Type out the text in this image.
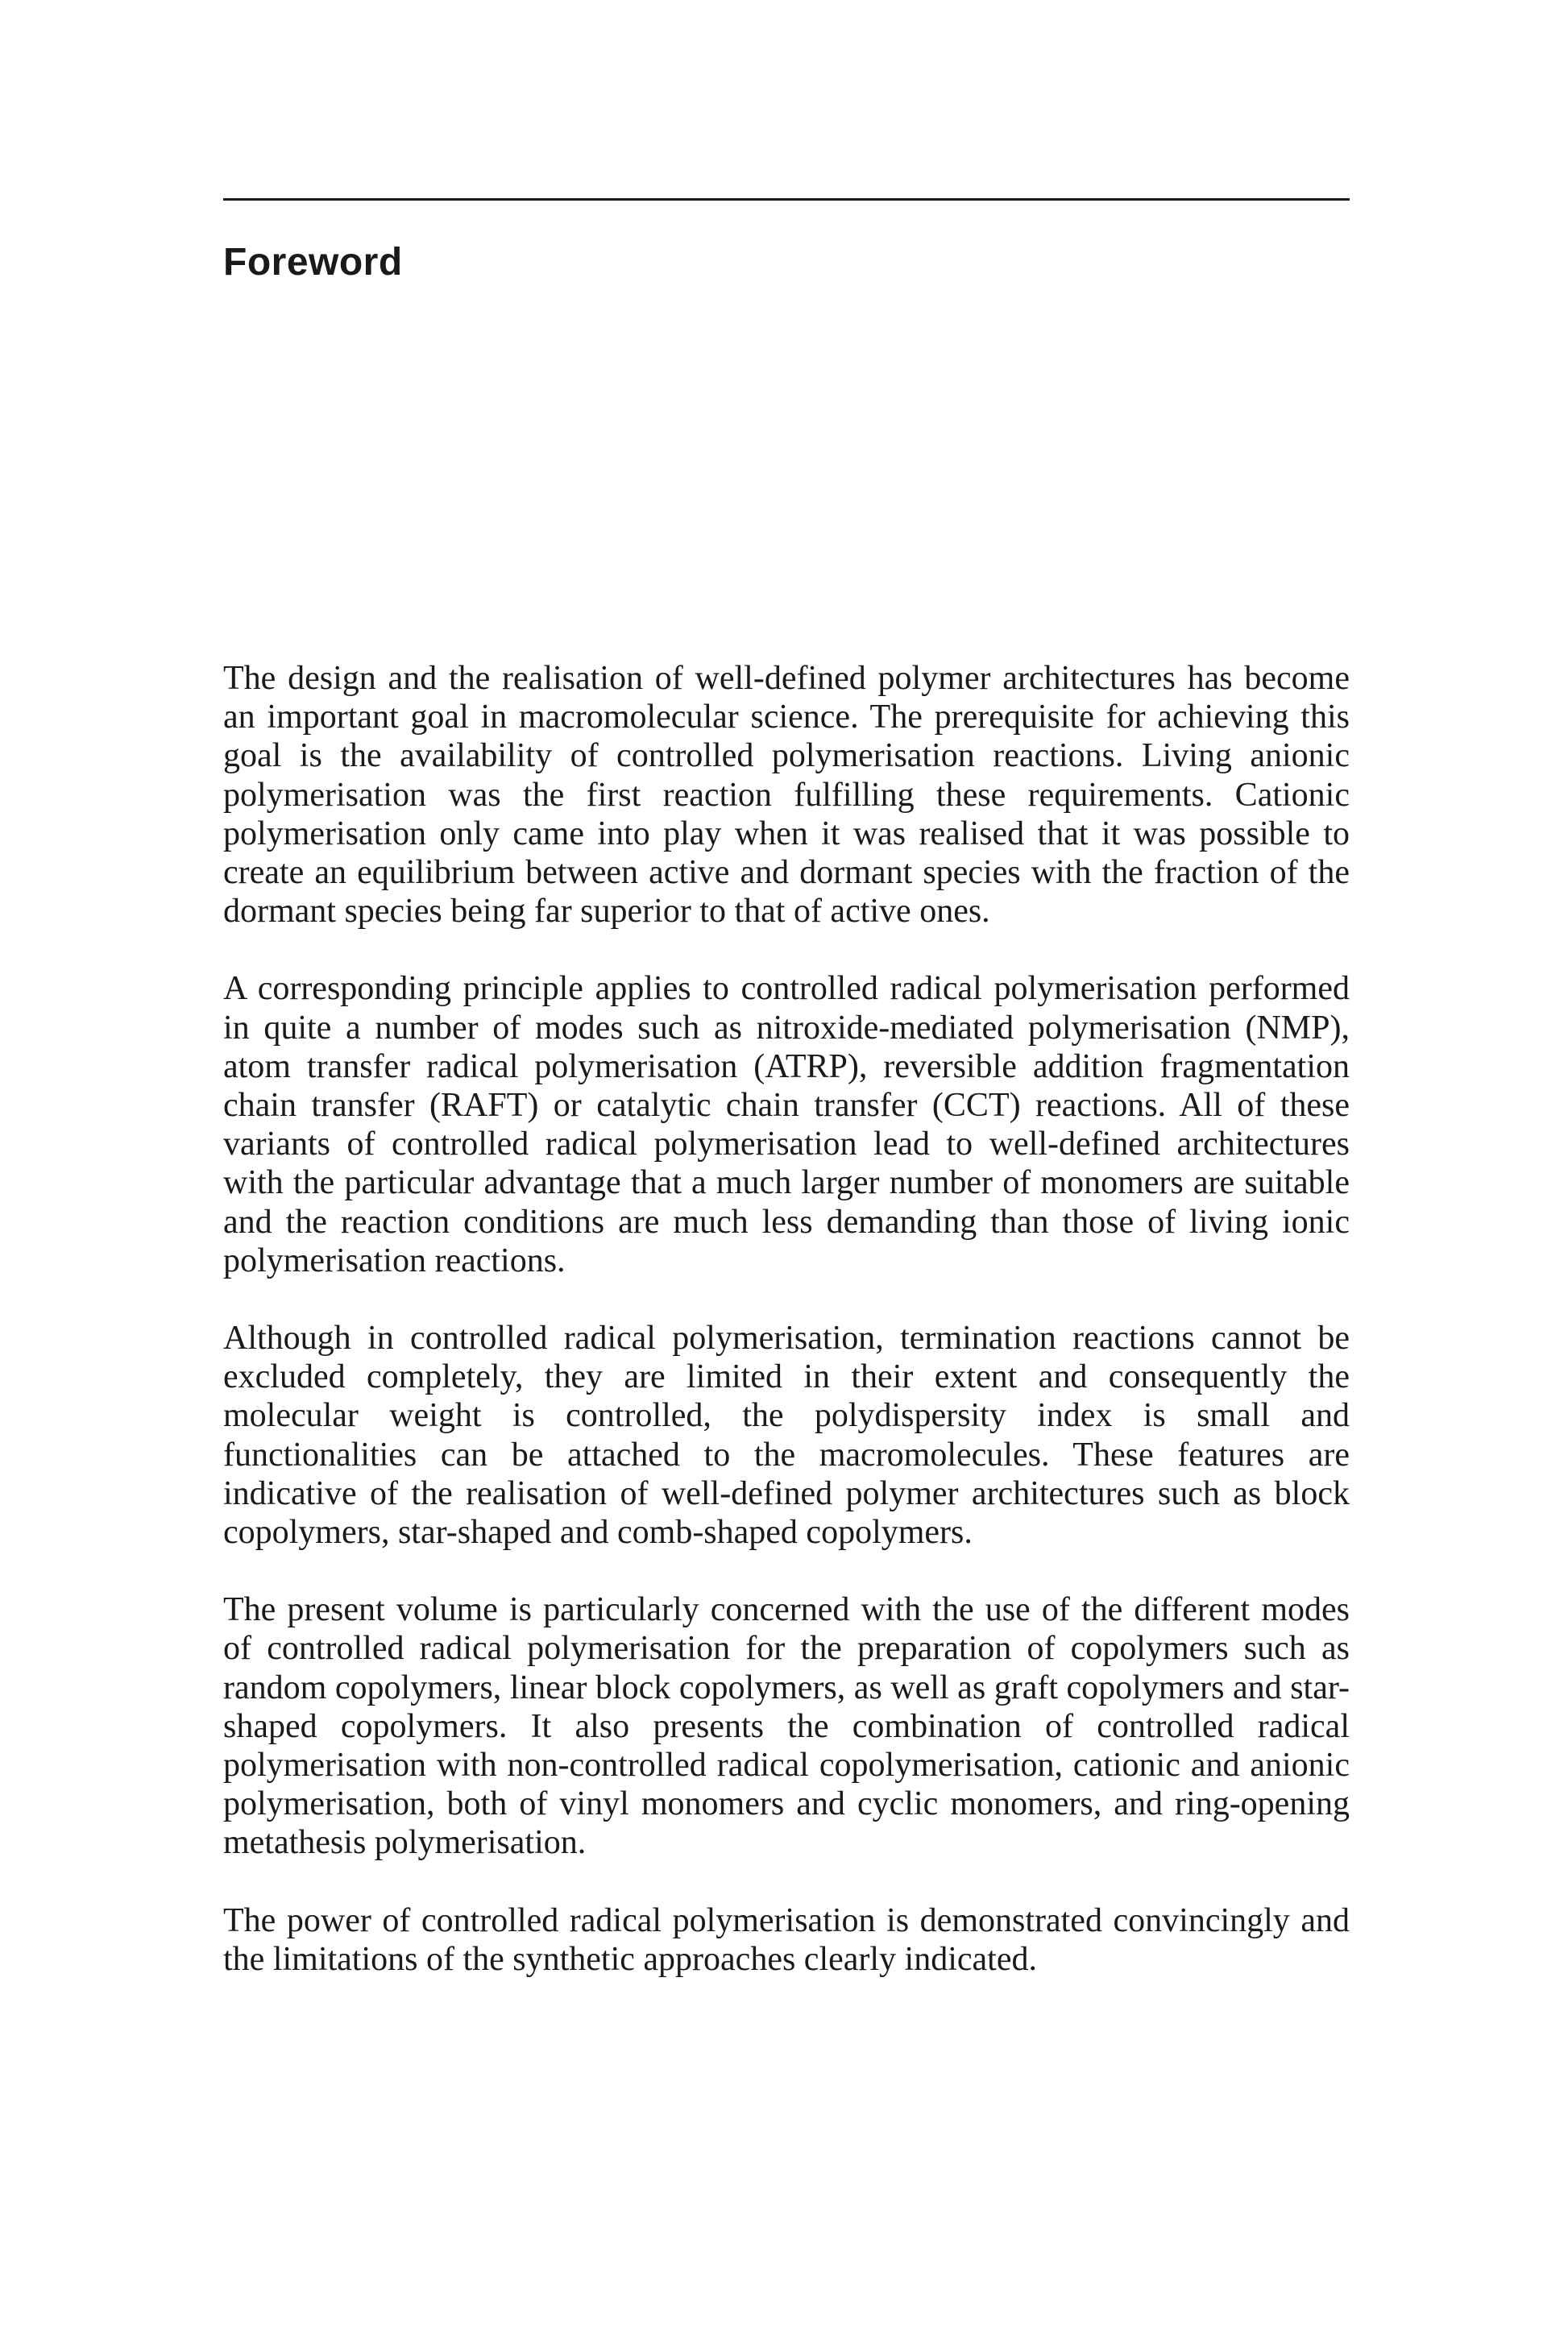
Foreword

The design and the realisation of well-defined polymer architectures has become an important goal in macromolecular science. The prerequisite for achieving this goal is the availability of controlled polymerisation reactions. Living anionic polymerisation was the first reaction fulfilling these requirements. Cationic polymerisation only came into play when it was realised that it was possible to create an equilibrium between active and dormant species with the fraction of the dormant species being far superior to that of active ones.

A corresponding principle applies to controlled radical polymerisation performed in quite a number of modes such as nitroxide-mediated polymerisation (NMP), atom transfer radical polymerisation (ATRP), reversible addition fragmentation chain transfer (RAFT) or catalytic chain transfer (CCT) reactions. All of these variants of controlled radical polymerisation lead to well-defined architectures with the particular advantage that a much larger number of monomers are suitable and the reaction conditions are much less demanding than those of living ionic polymerisation reactions.

Although in controlled radical polymerisation, termination reactions cannot be excluded completely, they are limited in their extent and consequently the molecular weight is controlled, the polydispersity index is small and functionalities can be attached to the macromolecules. These features are indicative of the realisation of well-defined polymer architectures such as block copolymers, star-shaped and comb-shaped copolymers.

The present volume is particularly concerned with the use of the different modes of controlled radical polymerisation for the preparation of copolymers such as random copolymers, linear block copolymers, as well as graft copolymers and star-shaped copolymers. It also presents the combination of controlled radical polymerisation with non-controlled radical copolymerisation, cationic and anionic polymerisation, both of vinyl monomers and cyclic monomers, and ring-opening metathesis polymerisation.

The power of controlled radical polymerisation is demonstrated convincingly and the limitations of the synthetic approaches clearly indicated.
